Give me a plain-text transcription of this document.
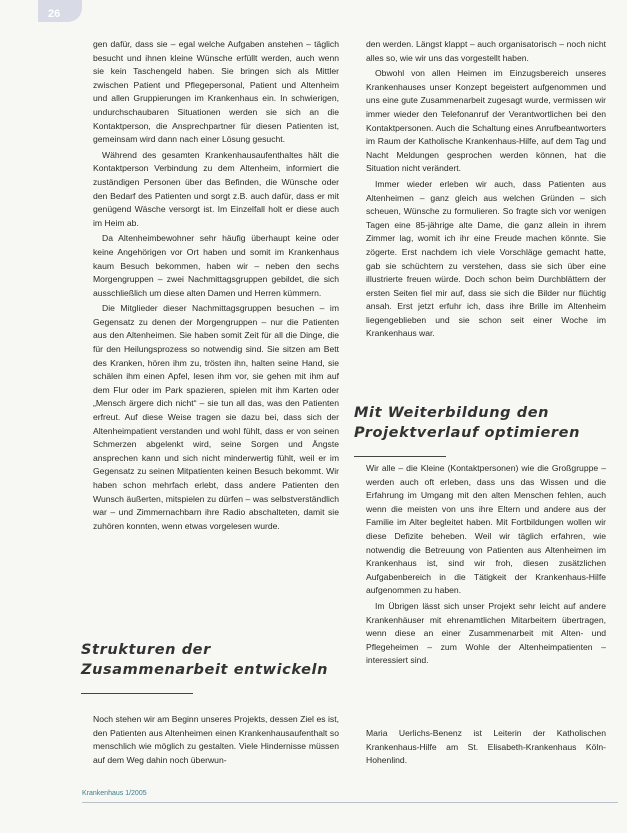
26

gen dafür, dass sie – egal welche Aufgaben anstehen – täglich besucht und ihnen kleine Wünsche erfüllt werden, auch wenn sie kein Taschengeld haben. Sie bringen sich als Mittler zwischen Patient und Pflegepersonal, Patient und Altenheim und allen Gruppierungen im Krankenhaus ein. In schwierigen, undurchschaubaren Situationen werden sie sich an die Kontaktperson, die Ansprechpartner für diesen Patienten ist, gemeinsam wird dann nach einer Lösung gesucht.

Während des gesamten Krankenhausaufenthaltes hält die Kontaktperson Verbindung zu dem Altenheim, informiert die zuständigen Personen über das Befinden, die Wünsche oder den Bedarf des Patienten und sorgt z.B. auch dafür, dass er mit genügend Wäsche versorgt ist. Im Einzelfall holt er diese auch im Heim ab.

Da Altenheimbewohner sehr häufig überhaupt keine oder keine Angehörigen vor Ort haben und somit im Krankenhaus kaum Besuch bekommen, haben wir – neben den sechs Morgengruppen – zwei Nachmittagsgruppen gebildet, die sich ausschließlich um diese alten Damen und Herren kümmern.

Die Mitglieder dieser Nachmittagsgruppen besuchen – im Gegensatz zu denen der Morgengruppen – nur die Patienten aus den Altenheimen. Sie haben somit Zeit für all die Dinge, die für den Heilungsprozess so notwendig sind. Sie sitzen am Bett des Kranken, hören ihm zu, trösten ihn, halten seine Hand, sie schälen ihm einen Apfel, lesen ihm vor, sie gehen mit ihm auf dem Flur oder im Park spazieren, spielen mit ihm Karten oder „Mensch ärgere dich nicht“ – sie tun all das, was den Patienten erfreut. Auf diese Weise tragen sie dazu bei, dass sich der Altenheimpatient verstanden und wohl fühlt, dass er von seinen Schmerzen abgelenkt wird, seine Sorgen und Ängste ansprechen kann und sich nicht minderwertig fühlt, weil er im Gegensatz zu seinen Mitpatienten keinen Besuch bekommt. Wir haben schon mehrfach erlebt, dass andere Patienten den Wunsch äußerten, mitspielen zu dürfen – was selbstverständlich war – und Zimmernachbarn ihre Radio abschalteten, damit sie zuhören konnten, wenn etwas vorgelesen wurde.

den werden. Längst klappt – auch organisatorisch – noch nicht alles so, wie wir uns das vorgestellt haben.

Obwohl von allen Heimen im Einzugsbereich unseres Krankenhauses unser Konzept begeistert aufgenommen und uns eine gute Zusammenarbeit zugesagt wurde, vermissen wir immer wieder den Telefonanruf der Verantwortlichen bei den Kontaktpersonen. Auch die Schaltung eines Anrufbeantworters im Raum der Katholische Krankenhaus-Hilfe, auf dem Tag und Nacht Meldungen gesprochen werden können, hat die Situation nicht verändert.

Immer wieder erleben wir auch, dass Patienten aus Altenheimen – ganz gleich aus welchen Gründen – sich scheuen, Wünsche zu formulieren. So fragte sich vor wenigen Tagen eine 85-jährige alte Dame, die ganz allein in ihrem Zimmer lag, womit ich ihr eine Freude machen könnte. Sie zögerte. Erst nachdem ich viele Vorschläge gemacht hatte, gab sie schüchtern zu verstehen, dass sie sich über eine illustrierte freuen würde. Doch schon beim Durchblättern der ersten Seiten fiel mir auf, dass sie sich die Bilder nur flüchtig ansah. Erst jetzt erfuhr ich, dass ihre Brille im Altenheim liegengeblieben und sie schon seit einer Woche im Krankenhaus war.

Mit Weiterbildung den Projektverlauf optimieren

Wir alle – die Kleine (Kontaktpersonen) wie die Großgruppe – werden auch oft erleben, dass uns das Wissen und die Erfahrung im Umgang mit den alten Menschen fehlen, auch wenn die meisten von uns ihre Eltern und andere aus der Familie im Alter begleitet haben. Mit Fortbildungen wollen wir diese Defizite beheben. Weil wir täglich erfahren, wie notwendig die Betreuung von Patienten aus Altenheimen im Krankenhaus ist, sind wir froh, diesen zusätzlichen Aufgabenbereich in die Tätigkeit der Krankenhaus-Hilfe aufgenommen zu haben.

Im Übrigen lässt sich unser Projekt sehr leicht auf andere Krankenhäuser mit ehrenamtlichen Mitarbeitern übertragen, wenn diese an einer Zusammenarbeit mit Alten- und Pflegeheimen – zum Wohle der Altenheimpatienten – interessiert sind.

Strukturen der Zusammenarbeit entwickeln

Noch stehen wir am Beginn unseres Projekts, dessen Ziel es ist, den Patienten aus Altenheimen einen Krankenhausaufenthalt so menschlich wie möglich zu gestalten. Viele Hindernisse müssen auf dem Weg dahin noch überwun-

Maria Uerlichs-Benenz ist Leiterin der Katholischen Krankenhaus-Hilfe am St. Elisabeth-Krankenhaus Köln-Hohenlind.

Krankenhaus 1/2005
